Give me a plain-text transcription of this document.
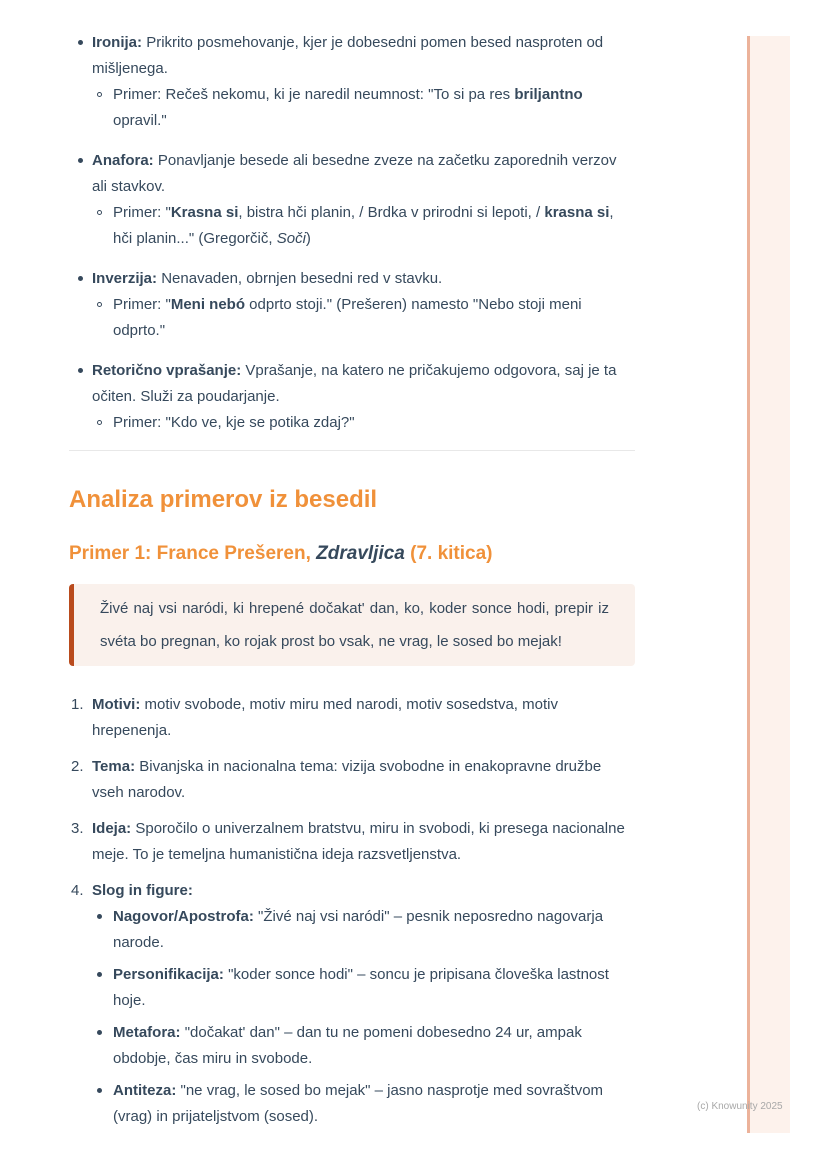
(c) Knowunity 2025

Ironija: Prikrito posmehovanje, kjer je dobesedni pomen besed nasproten od mišljenega.

Primer: Rečeš nekomu, ki je naredil neumnost: "To si pa res briljantno opravil."

Anafora: Ponavljanje besede ali besedne zveze na začetku zaporednih verzov ali stavkov.

Primer: "Krasna si, bistra hči planin, / Brdka v prirodni si lepoti, / krasna si, hči planin..." (Gregorčič, Soči)

Inverzija: Nenavaden, obrnjen besedni red v stavku.

Primer: "Meni nebó odprto stoji." (Prešeren) namesto "Nebo stoji meni odprto."

Retorično vprašanje: Vprašanje, na katero ne pričakujemo odgovora, saj je ta očiten. Služi za poudarjanje.

Primer: "Kdo ve, kje se potika zdaj?"

Analiza primerov iz besedil
Primer 1: France Prešeren, Zdravljica (7. kitica)

Živé naj vsi naródi, ki hrepené dočakat' dan, ko, koder sonce hodi, prepir iz svéta bo pregnan, ko rojak prost bo vsak, ne vrag, le sosed bo mejak!

1. Motivi: motiv svobode, motiv miru med narodi, motiv sosedstva, motiv hrepenenja.

2. Tema: Bivanjska in nacionalna tema: vizija svobodne in enakopravne družbe vseh narodov.

3. Ideja: Sporočilo o univerzalnem bratstvu, miru in svobodi, ki presega nacionalne meje. To je temeljna humanistična ideja razsvetljenstva.

4. Slog in figure:

Nagovor/Apostrofa: "Živé naj vsi naródi" – pesnik neposredno nagovarja narode.

Personifikacija: "koder sonce hodi" – soncu je pripisana človeška lastnost hoje.

Metafora: "dočakat' dan" – dan tu ne pomeni dobesedno 24 ur, ampak obdobje, čas miru in svobode.

Antiteza: "ne vrag, le sosed bo mejak" – jasno nasprotje med sovraštvom (vrag) in prijateljstvom (sosed).
